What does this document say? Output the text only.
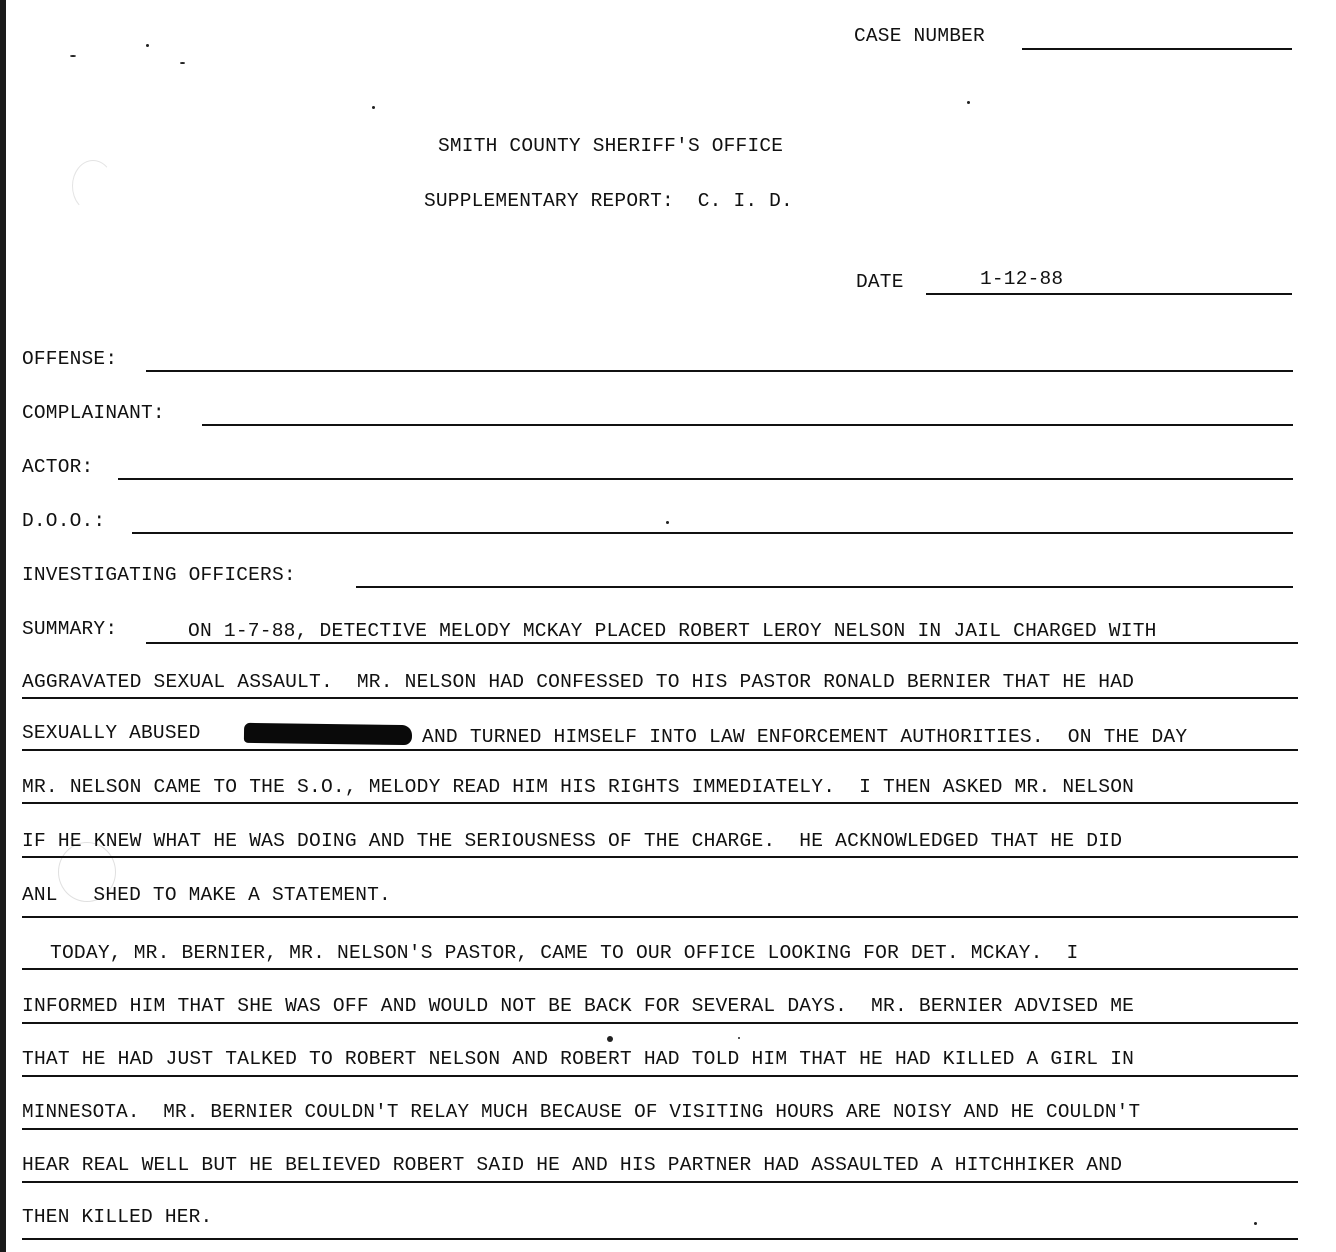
CASE NUMBER
SMITH COUNTY SHERIFF'S OFFICE
SUPPLEMENTARY REPORT:  C. I. D.
DATE	1-12-88
OFFENSE:
COMPLAINANT:
ACTOR:
D.O.O.:
INVESTIGATING OFFICERS:
SUMMARY:	ON 1-7-88, DETECTIVE MELODY MCKAY PLACED ROBERT LEROY NELSON IN JAIL CHARGED WITH
AGGRAVATED SEXUAL ASSAULT.  MR. NELSON HAD CONFESSED TO HIS PASTOR RONALD BERNIER THAT HE HAD
SEXUALLY ABUSED	AND TURNED HIMSELF INTO LAW ENFORCEMENT AUTHORITIES.  ON THE DAY
MR. NELSON CAME TO THE S.O., MELODY READ HIM HIS RIGHTS IMMEDIATELY.  I THEN ASKED MR. NELSON
IF HE KNEW WHAT HE WAS DOING AND THE SERIOUSNESS OF THE CHARGE.  HE ACKNOWLEDGED THAT HE DID
ANL   SHED TO MAKE A STATEMENT.
TODAY, MR. BERNIER, MR. NELSON'S PASTOR, CAME TO OUR OFFICE LOOKING FOR DET. MCKAY.  I
INFORMED HIM THAT SHE WAS OFF AND WOULD NOT BE BACK FOR SEVERAL DAYS.  MR. BERNIER ADVISED ME
THAT HE HAD JUST TALKED TO ROBERT NELSON AND ROBERT HAD TOLD HIM THAT HE HAD KILLED A GIRL IN
MINNESOTA.  MR. BERNIER COULDN'T RELAY MUCH BECAUSE OF VISITING HOURS ARE NOISY AND HE COULDN'T
HEAR REAL WELL BUT HE BELIEVED ROBERT SAID HE AND HIS PARTNER HAD ASSAULTED A HITCHHIKER AND
THEN KILLED HER.
